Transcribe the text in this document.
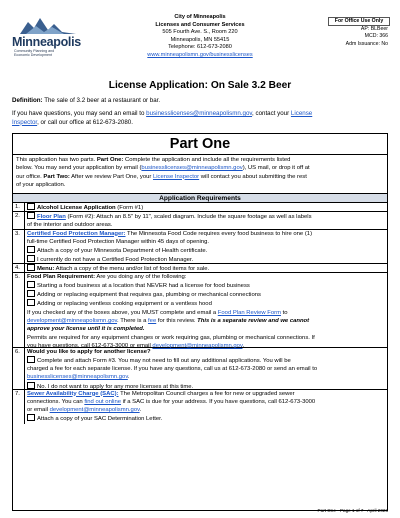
Minneapolis
Community Planning and
Economic Development
City of Minneapolis
Licenses and Consumer Services
505 Fourth Ave. S., Room 220
Minneapolis, MN 55415
Telephone: 612-673-2080
www.minneapolismn.gov/businesslicenses
For Office Use Only
AP: BLBeer
MCD: 366
Adm Issuance: No
License Application: On Sale 3.2 Beer
Definition: The sale of 3.2 beer at a restaurant or bar.
If you have questions, you may send an email to businesslicenses@minneapolismn.gov, contact your License
Inspector, or call our office at 612-673-2080.
Part One
This application has two parts. Part One: Complete the application and include all the requirements listed
below. You may send your application by email (businesslicenses@minneapolismn.gov), US mail, or drop it off at
our office. Part Two: After we review Part One, your License Inspector will contact you about submitting the rest
of your application.
Application Requirements
1.	Alcohol License Application (Form #1)
2.	Floor Plan (Form #2): Attach an 8.5" by 11", scaled diagram. Include the square footage as well as labels
of the interior and outdoor areas.
3.	Certified Food Protection Manager: The Minnesota Food Code requires every food business to hire one (1)
full-time Certified Food Protection Manager within 45 days of opening.
Attach a copy of your Minnesota Department of Health certificate.
I currently do not have a Certified Food Protection Manager.
4.	Menu: Attach a copy of the menu and/or list of food items for sale.
5.	Food Plan Requirement: Are you doing any of the following:
Starting a food business at a location that NEVER had a license for food business
Adding or replacing equipment that requires gas, plumbing or mechanical connections
Adding or replacing ventless cooking equipment or a ventless hood
If you checked any of the boxes above, you MUST complete and email a Food Plan Review Form to
development@minneapolismn.gov. There is a fee for this review. This is a separate review and we cannot
approve your license until it is completed.
Permits are required for any equipment changes or work requiring gas, plumbing or mechanical connections. If
you have questions, call 612-673-3000 or email development@minneapolismn.gov.
6.	Would you like to apply for another license?
Complete and attach Form #3. You may not need to fill out any additional applications. You will be
charged a fee for each separate license. If you have any questions, call us at 612-673-2080 or send an email to
businesslicenses@minneapolismn.gov.
No. I do not want to apply for any more licenses at this time.
7.	Sewer Availability Charge (SAC): The Metropolitan Council charges a fee for new or upgraded sewer
connections. You can find out online if a SAC is due for your address. If you have questions, call 612-673-3000
or email development@minneapolismn.gov.
Attach a copy of your SAC Determination Letter.
Part One - Page 1 of 7 - April 2023
